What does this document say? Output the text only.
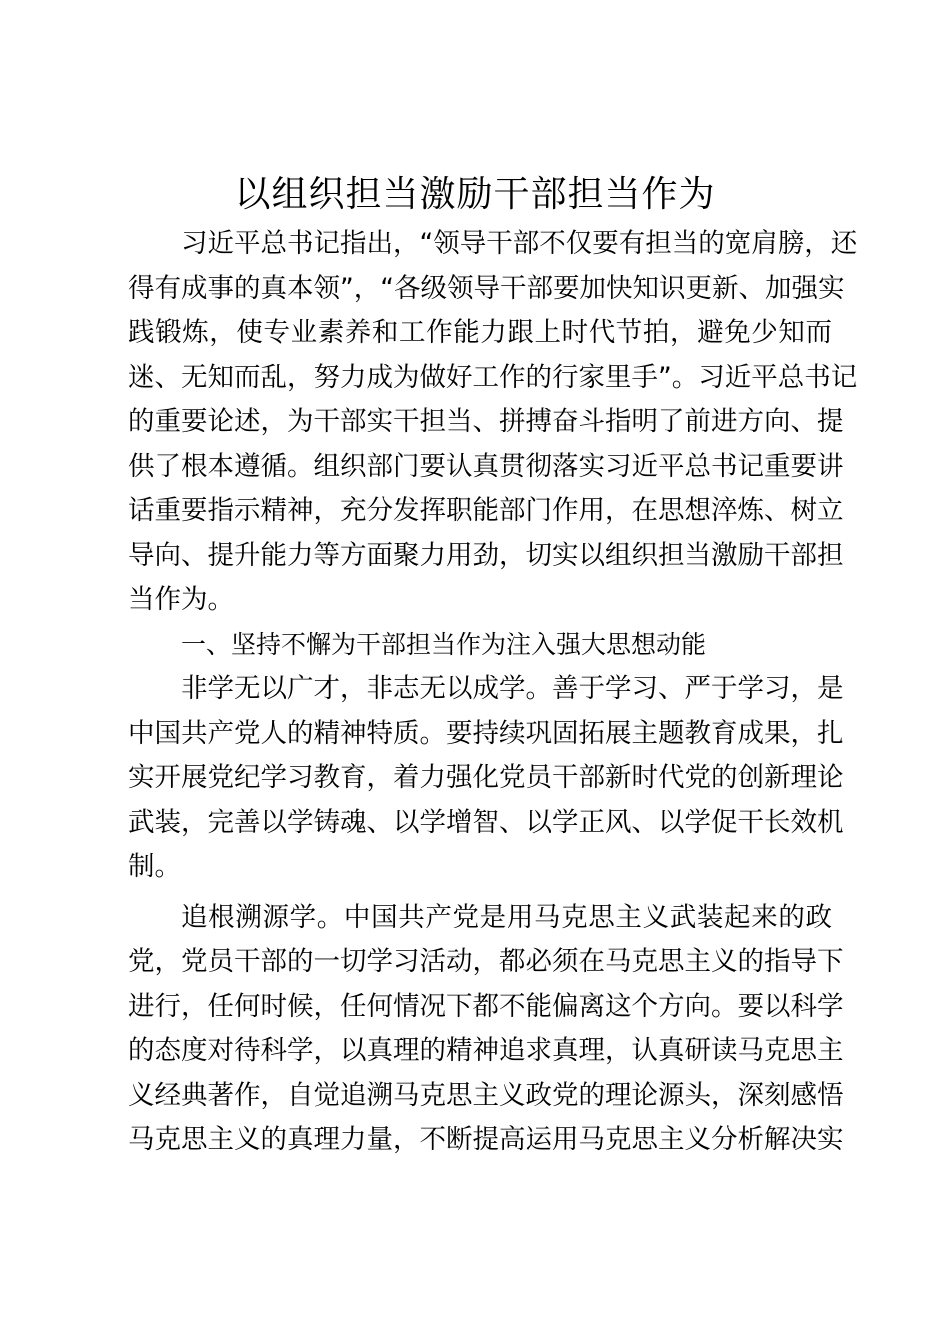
以组织担当激励干部担当作为
习近平总书记指出，“领导干部不仅要有担当的宽肩膀，还
得有成事的真本领”，“各级领导干部要加快知识更新、加强实
践锻炼，使专业素养和工作能力跟上时代节拍，避免少知而
迷、无知而乱，努力成为做好工作的行家里手”。习近平总书记
的重要论述，为干部实干担当、拼搏奋斗指明了前进方向、提
供了根本遵循。组织部门要认真贯彻落实习近平总书记重要讲
话重要指示精神，充分发挥职能部门作用，在思想淬炼、树立
导向、提升能力等方面聚力用劲，切实以组织担当激励干部担
当作为。
一、坚持不懈为干部担当作为注入强大思想动能
非学无以广才，非志无以成学。善于学习、严于学习，是
中国共产党人的精神特质。要持续巩固拓展主题教育成果，扎
实开展党纪学习教育，着力强化党员干部新时代党的创新理论
武装，完善以学铸魂、以学增智、以学正风、以学促干长效机
制。
追根溯源学。中国共产党是用马克思主义武装起来的政
党，党员干部的一切学习活动，都必须在马克思主义的指导下
进行，任何时候，任何情况下都不能偏离这个方向。要以科学
的态度对待科学，以真理的精神追求真理，认真研读马克思主
义经典著作，自觉追溯马克思主义政党的理论源头，深刻感悟
马克思主义的真理力量，不断提高运用马克思主义分析解决实
